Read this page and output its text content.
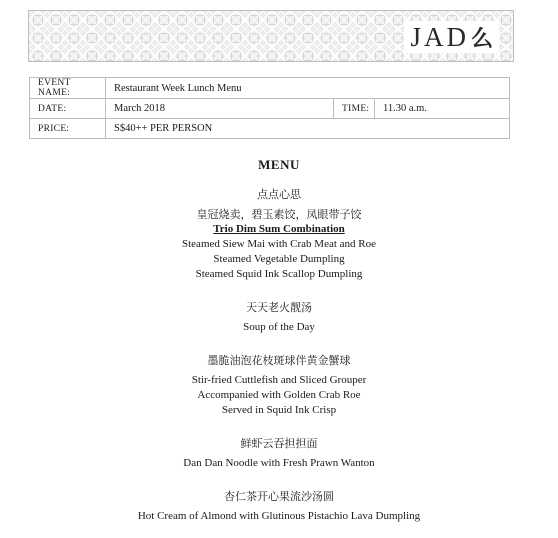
JAD 么
EVENT NAME:	Restaurant Week Lunch Menu		
DATE:	March 2018	TIME:	11.30 a.m.
PRICE:	S$40++ PER PERSON		
MENU
点点心思
皇冠烧卖，碧玉素饺，凤眼带子饺
Trio Dim Sum Combination
Steamed Siew Mai with Crab Meat and Roe
Steamed Vegetable Dumpling
Steamed Squid Ink Scallop Dumpling
天天老火靓汤
Soup of the Day
墨脆油泡花枝斑球伴黄金蟹球
Stir-fried Cuttlefish and Sliced Grouper
Accompanied with Golden Crab Roe
Served in Squid Ink Crisp
鲜虾云吞担担面
Dan Dan Noodle with Fresh Prawn Wanton
杏仁茶开心果流沙汤圆
Hot Cream of Almond with Glutinous Pistachio Lava Dumpling
